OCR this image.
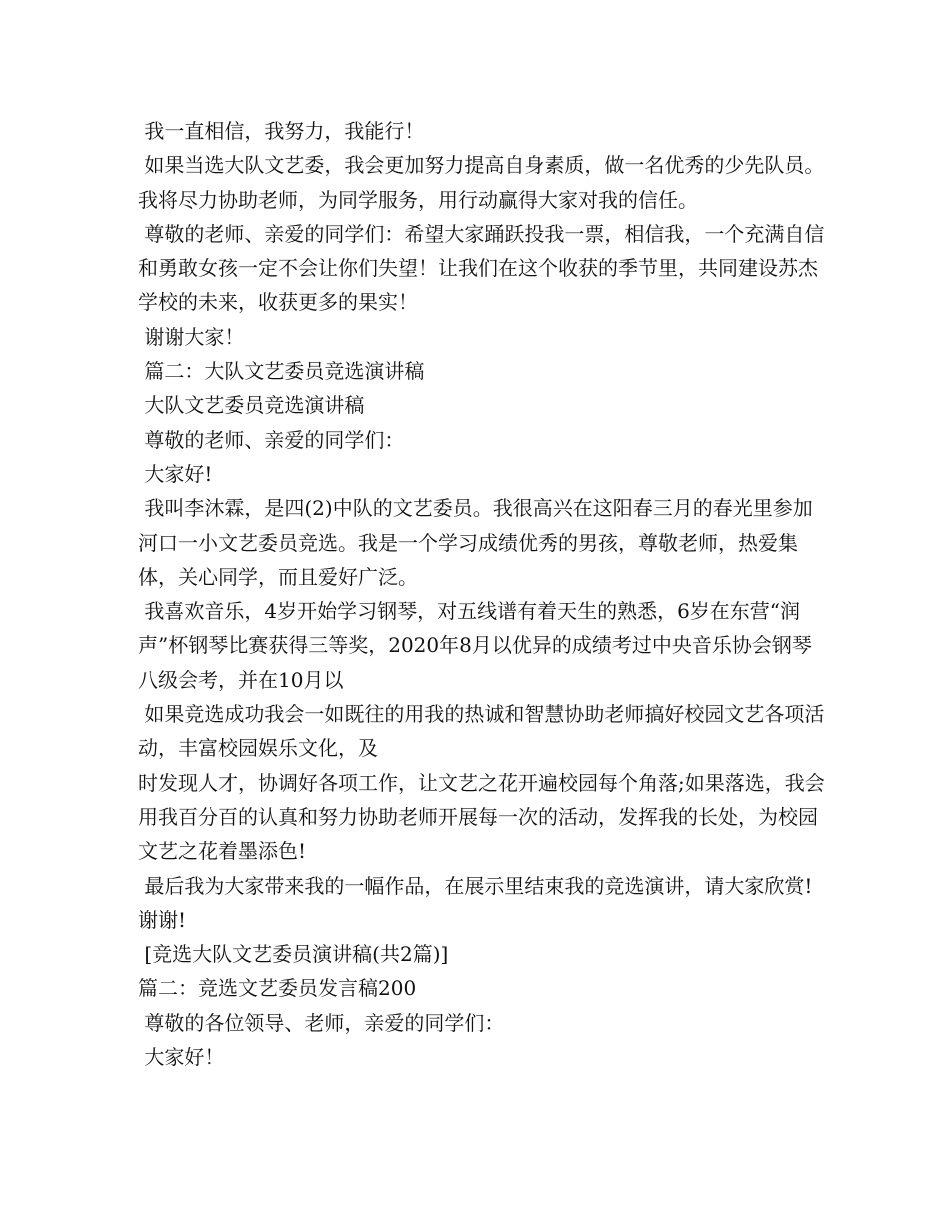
我一直相信，我努力，我能行！

如果当选大队文艺委，我会更加努力提高自身素质，做一名优秀的少先队员。我将尽力协助老师，为同学服务，用行动赢得大家对我的信任。

尊敬的老师、亲爱的同学们：希望大家踊跃投我一票，相信我，一个充满自信和勇敢女孩一定不会让你们失望！让我们在这个收获的季节里，共同建设苏杰学校的未来，收获更多的果实！

谢谢大家！

篇二：大队文艺委员竞选演讲稿

大队文艺委员竞选演讲稿

尊敬的老师、亲爱的同学们：

大家好!

我叫李沐霖，是四(2)中队的文艺委员。我很高兴在这阳春三月的春光里参加河口一小文艺委员竞选。我是一个学习成绩优秀的男孩，尊敬老师，热爱集体，关心同学，而且爱好广泛。

我喜欢音乐，4岁开始学习钢琴，对五线谱有着天生的熟悉，6岁在东营“润声”杯钢琴比赛获得三等奖，2020年8月以优异的成绩考过中央音乐协会钢琴八级会考，并在10月以

如果竞选成功我会一如既往的用我的热诚和智慧协助老师搞好校园文艺各项活动，丰富校园娱乐文化，及

时发现人才，协调好各项工作，让文艺之花开遍校园每个角落;如果落选，我会用我百分百的认真和努力协助老师开展每一次的活动，发挥我的长处，为校园文艺之花着墨添色!

最后我为大家带来我的一幅作品，在展示里结束我的竞选演讲，请大家欣赏!谢谢!

[竞选大队文艺委员演讲稿(共2篇)]

篇二：竞选文艺委员发言稿200

尊敬的各位领导、老师，亲爱的同学们：

大家好！
